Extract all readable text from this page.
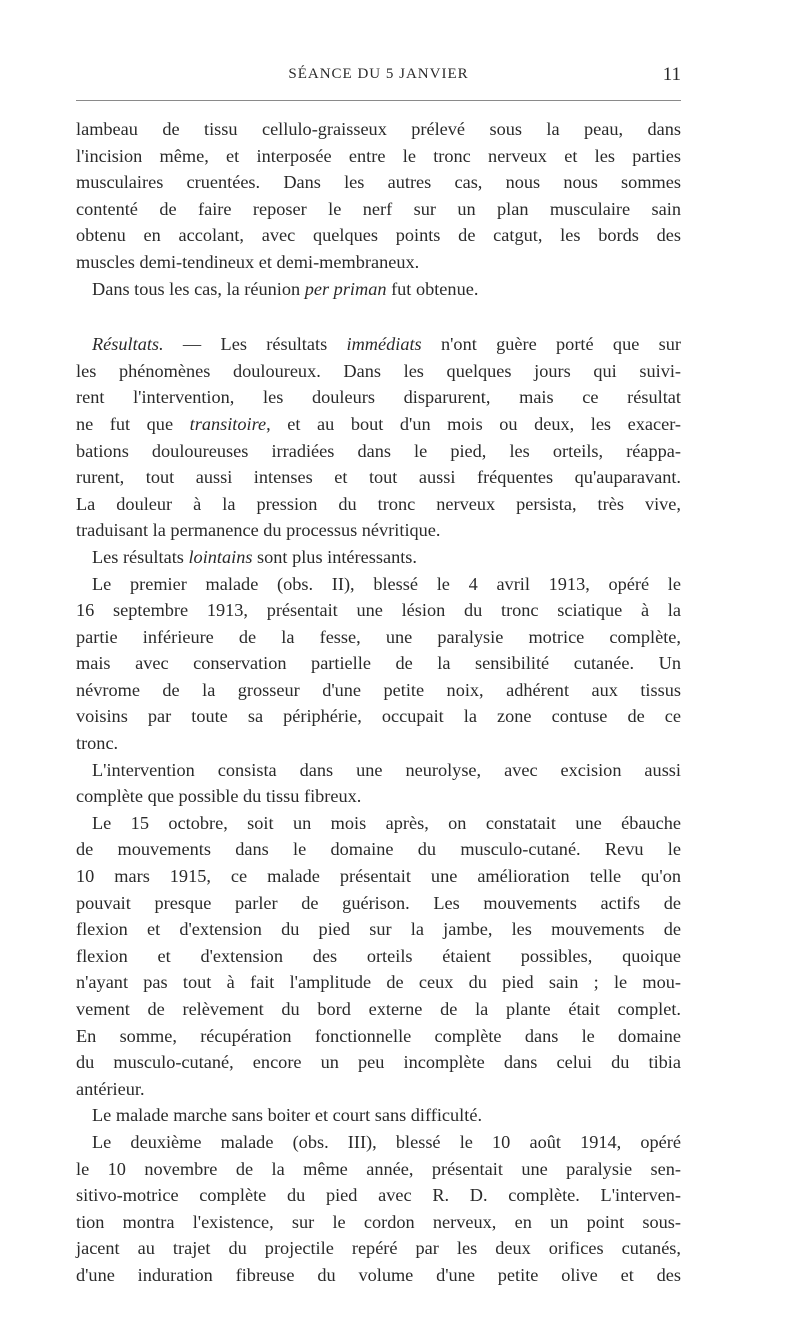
SÉANCE DU 5 JANVIER	11
lambeau de tissu cellulo-graisseux prélevé sous la peau, dans
l'incision même, et interposée entre le tronc nerveux et les parties
musculaires cruentées. Dans les autres cas, nous nous sommes
contenté de faire reposer le nerf sur un plan musculaire sain
obtenu en accolant, avec quelques points de catgut, les bords des
muscles demi-tendineux et demi-membraneux.
Dans tous les cas, la réunion per priman fut obtenue.
Résultats. — Les résultats immédiats n'ont guère porté que sur
les phénomènes douloureux. Dans les quelques jours qui suivi-
rent l'intervention, les douleurs disparurent, mais ce résultat
ne fut que transitoire, et au bout d'un mois ou deux, les exacer-
bations douloureuses irradiées dans le pied, les orteils, réappa-
rurent, tout aussi intenses et tout aussi fréquentes qu'auparavant.
La douleur à la pression du tronc nerveux persista, très vive,
traduisant la permanence du processus névritique.
Les résultats lointains sont plus intéressants.
Le premier malade (obs. II), blessé le 4 avril 1913, opéré le
16 septembre 1913, présentait une lésion du tronc sciatique à la
partie inférieure de la fesse, une paralysie motrice complète,
mais avec conservation partielle de la sensibilité cutanée. Un
névrome de la grosseur d'une petite noix, adhérent aux tissus
voisins par toute sa périphérie, occupait la zone contuse de ce
tronc.
L'intervention consista dans une neurolyse, avec excision aussi
complète que possible du tissu fibreux.
Le 15 octobre, soit un mois après, on constatait une ébauche
de mouvements dans le domaine du musculo-cutané. Revu le
10 mars 1915, ce malade présentait une amélioration telle qu'on
pouvait presque parler de guérison. Les mouvements actifs de
flexion et d'extension du pied sur la jambe, les mouvements de
flexion et d'extension des orteils étaient possibles, quoique
n'ayant pas tout à fait l'amplitude de ceux du pied sain ; le mou-
vement de relèvement du bord externe de la plante était complet.
En somme, récupération fonctionnelle complète dans le domaine
du musculo-cutané, encore un peu incomplète dans celui du tibia
antérieur.
Le malade marche sans boiter et court sans difficulté.
Le deuxième malade (obs. III), blessé le 10 août 1914, opéré
le 10 novembre de la même année, présentait une paralysie sen-
sitivo-motrice complète du pied avec R. D. complète. L'interven-
tion montra l'existence, sur le cordon nerveux, en un point sous-
jacent au trajet du projectile repéré par les deux orifices cutanés,
d'une induration fibreuse du volume d'une petite olive et des
